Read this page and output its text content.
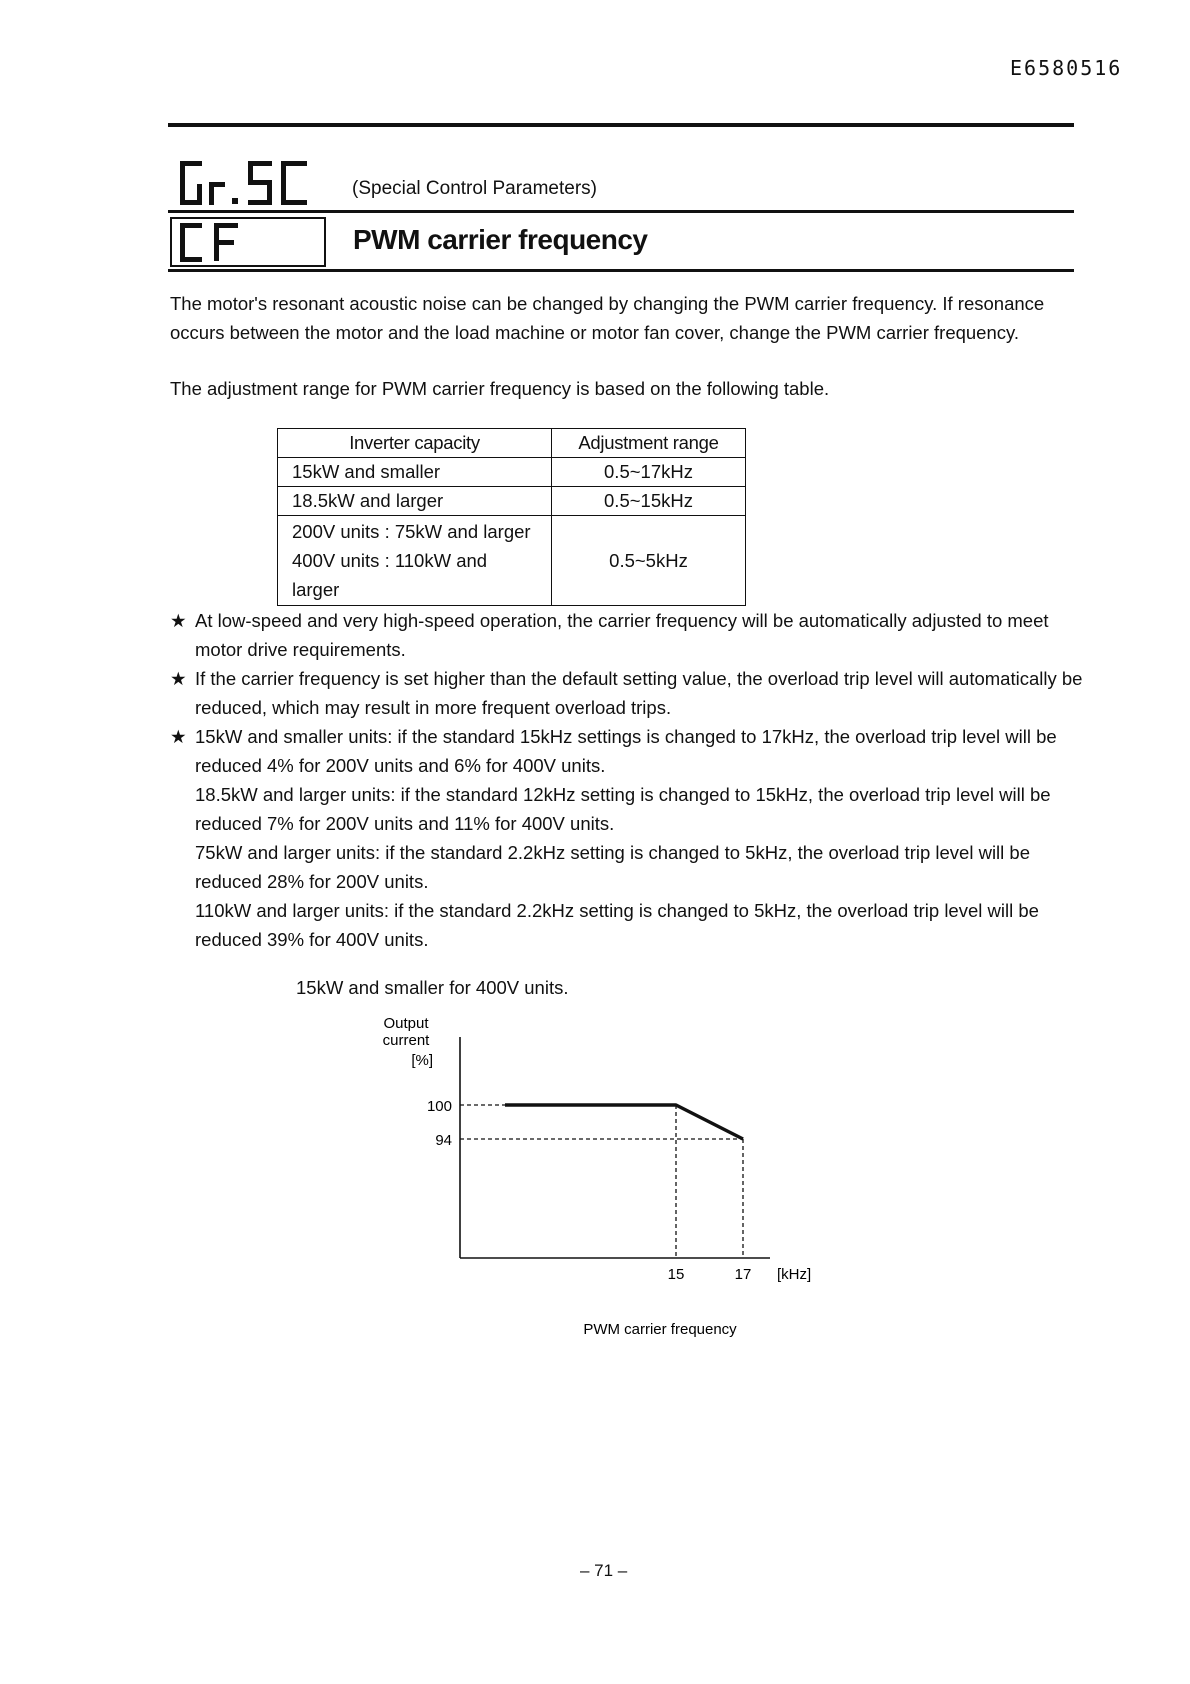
E6580516
(Special Control Parameters)
PWM carrier frequency
The motor's resonant acoustic noise can be changed by changing the PWM carrier frequency. If resonance occurs between the motor and the load machine or motor fan cover, change the PWM carrier frequency.
The adjustment range for PWM carrier frequency is based on the following table.
Inverter capacity	Adjustment range
15kW and smaller	0.5~17kHz
18.5kW and larger	0.5~15kHz

200V units : 75kW and larger
400V units : 110kW and larger	0.5~5kHz
★ At low-speed and very high-speed operation, the carrier frequency will be automatically adjusted to meet motor drive requirements.
★ If the carrier frequency is set higher than the default setting value, the overload trip level will automatically be reduced, which may result in more frequent overload trips.
★ 15kW and smaller units: if the standard 15kHz settings is changed to 17kHz, the overload trip level will be reduced 4% for 200V units and 6% for 400V units.
18.5kW and larger units: if the standard 12kHz setting is changed to 15kHz, the overload trip level will be reduced 7% for 200V units and 11% for 400V units.
75kW and larger units: if the standard 2.2kHz setting is changed to 5kHz, the overload trip level will be reduced 28% for 200V units.
110kW and larger units: if the standard 2.2kHz setting is changed to 5kHz, the overload trip level will be reduced 39% for 400V units.
15kW and smaller for 400V units.
Output
current
[%]
100
94
15	17 [kHz]
PWM carrier frequency
– 71 –
